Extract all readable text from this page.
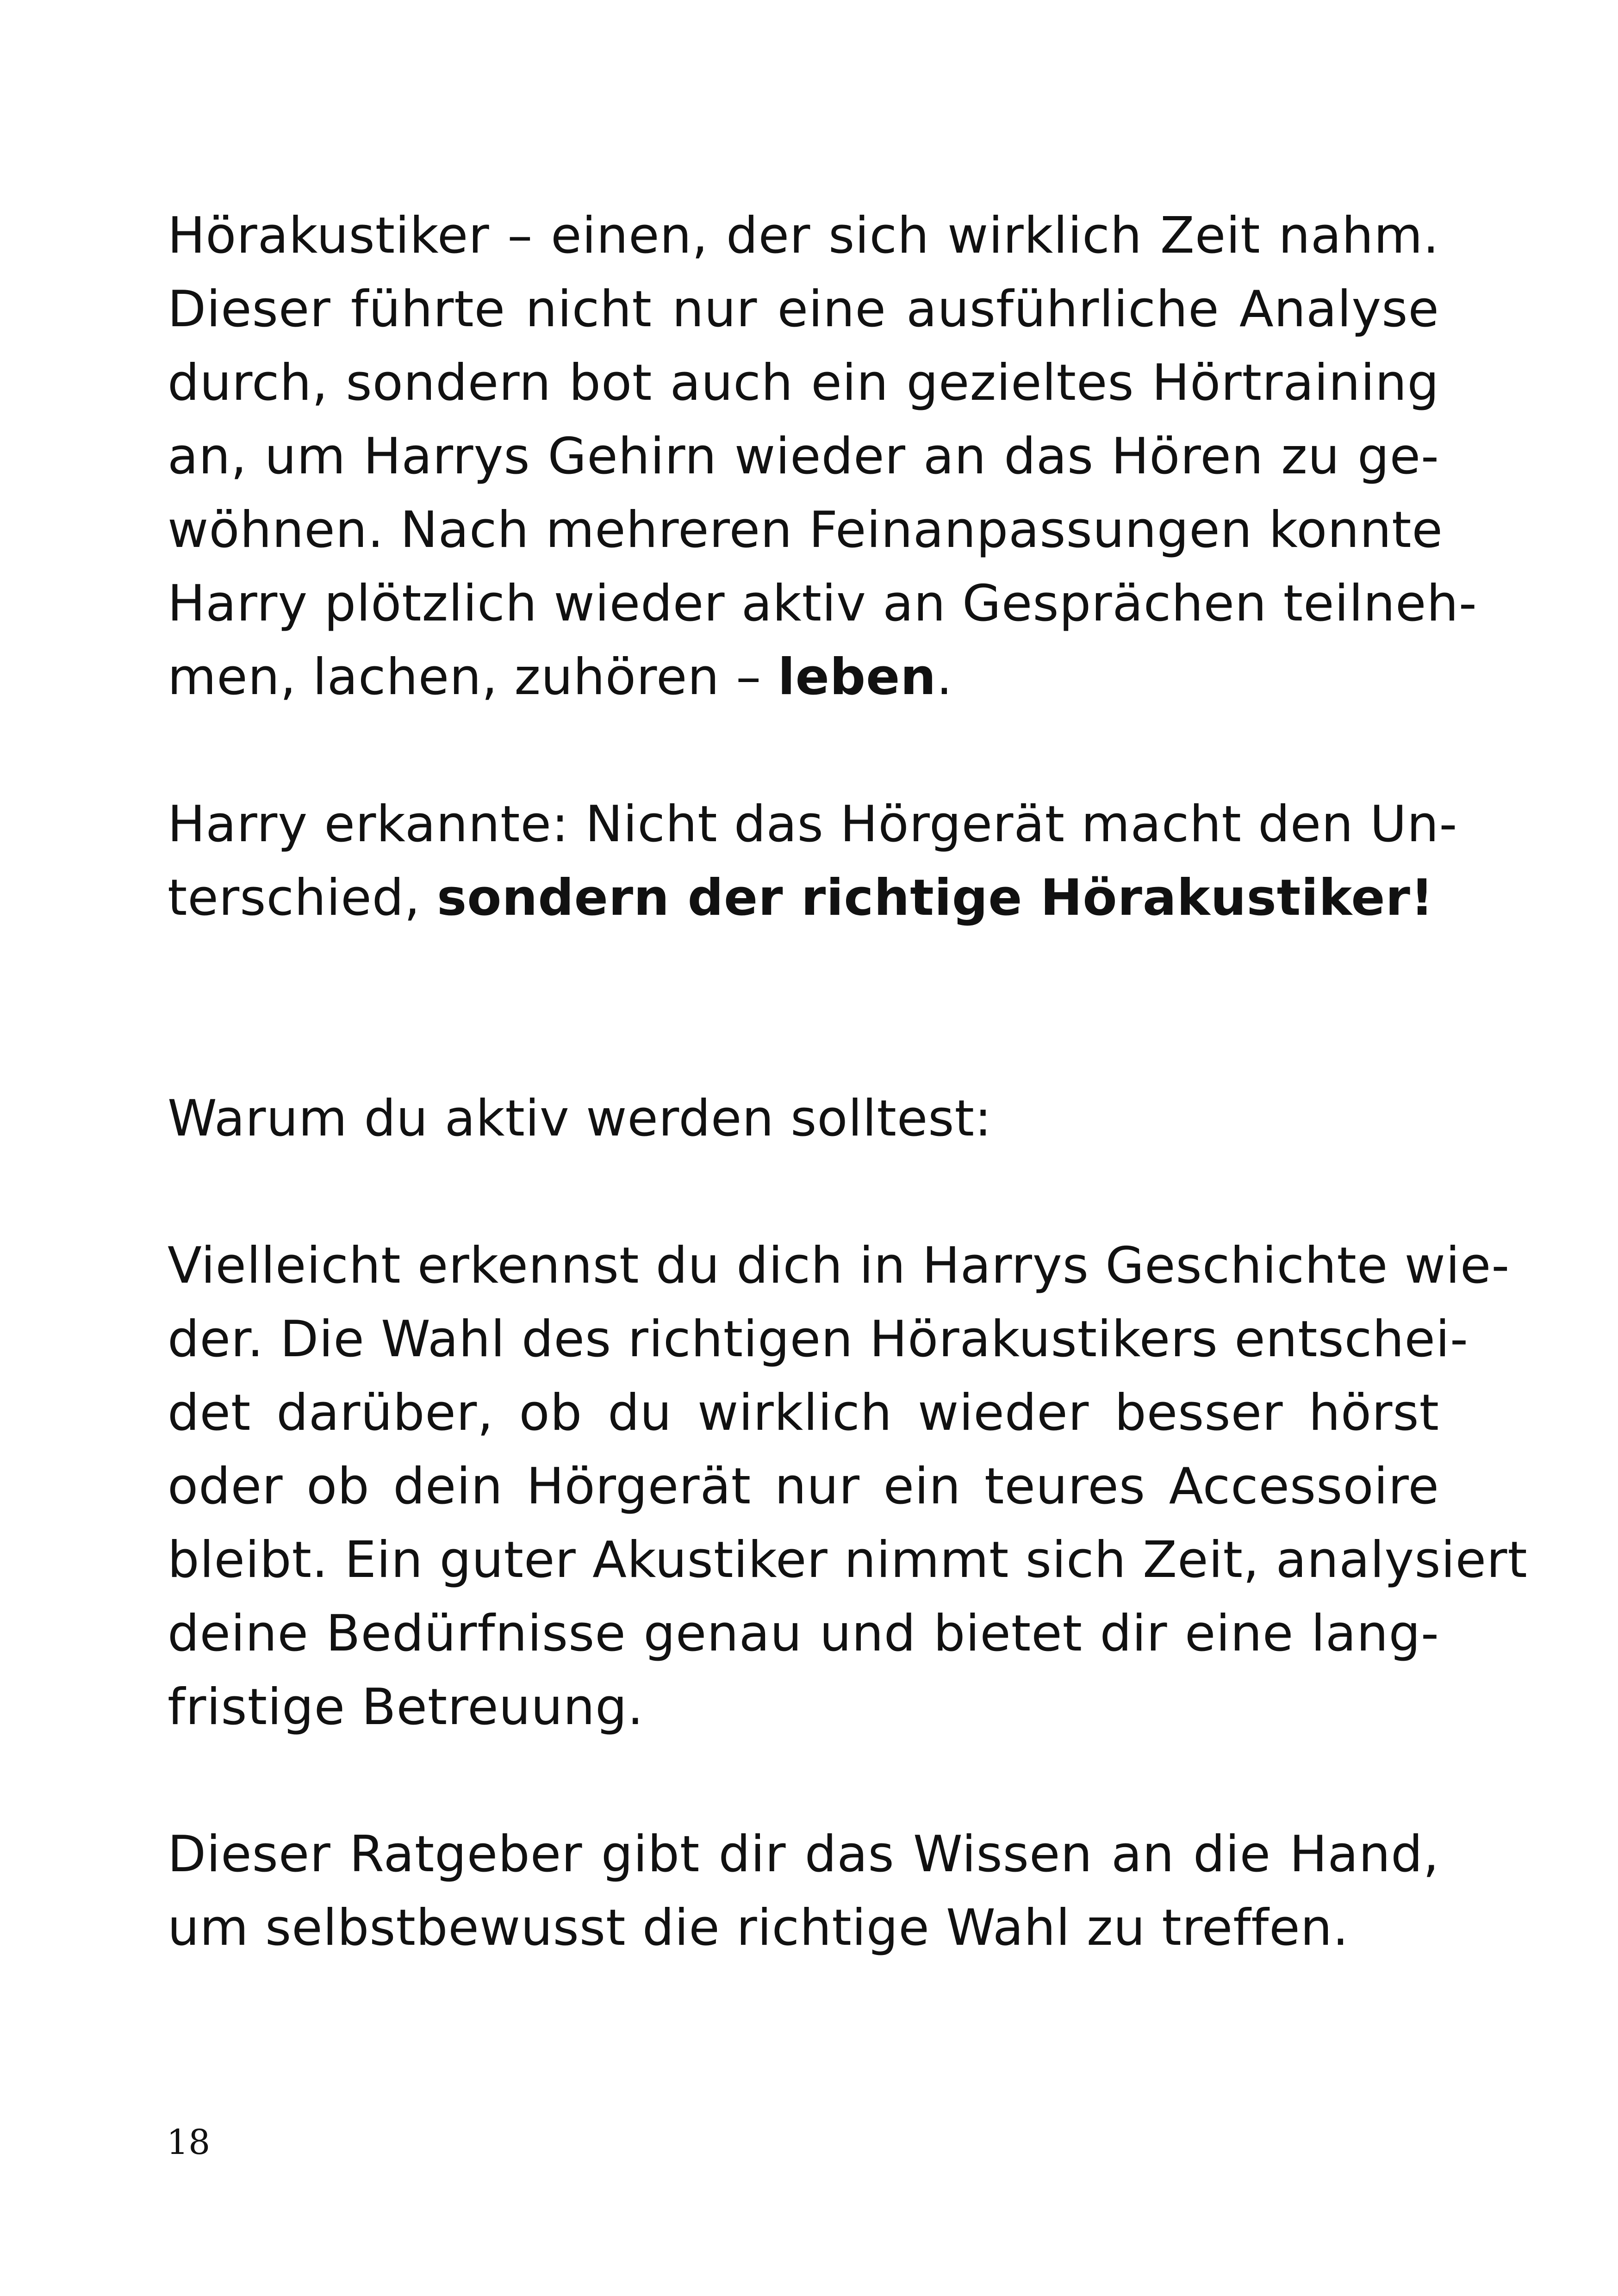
Hörakustiker – einen, der sich wirklich Zeit nahm.
Dieser führte nicht nur eine ausführliche Analyse
durch, sondern bot auch ein gezieltes Hörtraining
an, um Harrys Gehirn wieder an das Hören zu ge-
wöhnen. Nach mehreren Feinanpassungen konnte
Harry plötzlich wieder aktiv an Gesprächen teilneh-
men, lachen, zuhören – leben.

Harry erkannte: Nicht das Hörgerät macht den Un-
terschied, sondern der richtige Hörakustiker!

Warum du aktiv werden solltest:

Vielleicht erkennst du dich in Harrys Geschichte wie-
der. Die Wahl des richtigen Hörakustikers entschei-
det darüber, ob du wirklich wieder besser hörst
oder ob dein Hörgerät nur ein teures Accessoire
bleibt. Ein guter Akustiker nimmt sich Zeit, analysiert
deine Bedürfnisse genau und bietet dir eine lang-
fristige Betreuung.

Dieser Ratgeber gibt dir das Wissen an die Hand,
um selbstbewusst die richtige Wahl zu treffen.

18
